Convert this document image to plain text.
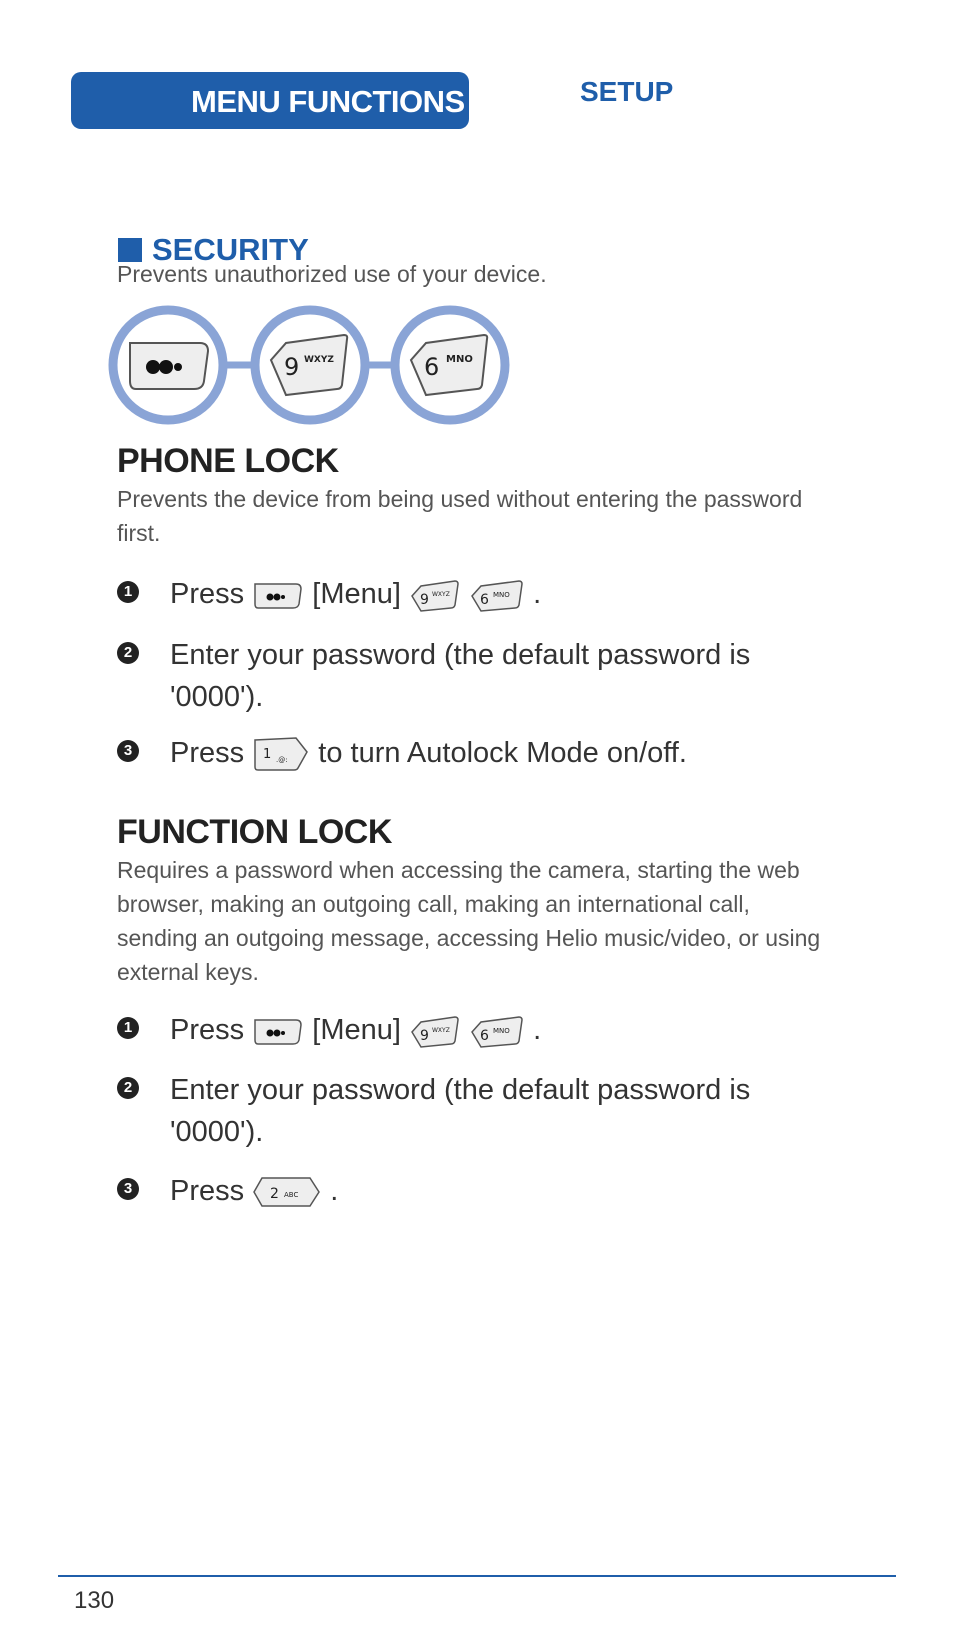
MENU FUNCTIONS	SETUP
SECURITY
Prevents unauthorized use of your device.
9 WXYZ	6 MNO
PHONE LOCK
Prevents the device from being used without entering the password
first.
1 Press [Menu] 9 WXYZ
6 MNO .
2 Enter your password (the default password is
'0000').
3 Press 1 .@: to turn Autolock Mode on/off.
FUNCTION LOCK
Requires a password when accessing the camera, starting the web
browser, making an outgoing call, making an international call,
sending an outgoing message, accessing Helio music/video, or using
external keys.
1 Press [Menu] 9 WXYZ
6 MNO .
2 Enter your password (the default password is
'0000').
3 Press 2 ABC .
130
